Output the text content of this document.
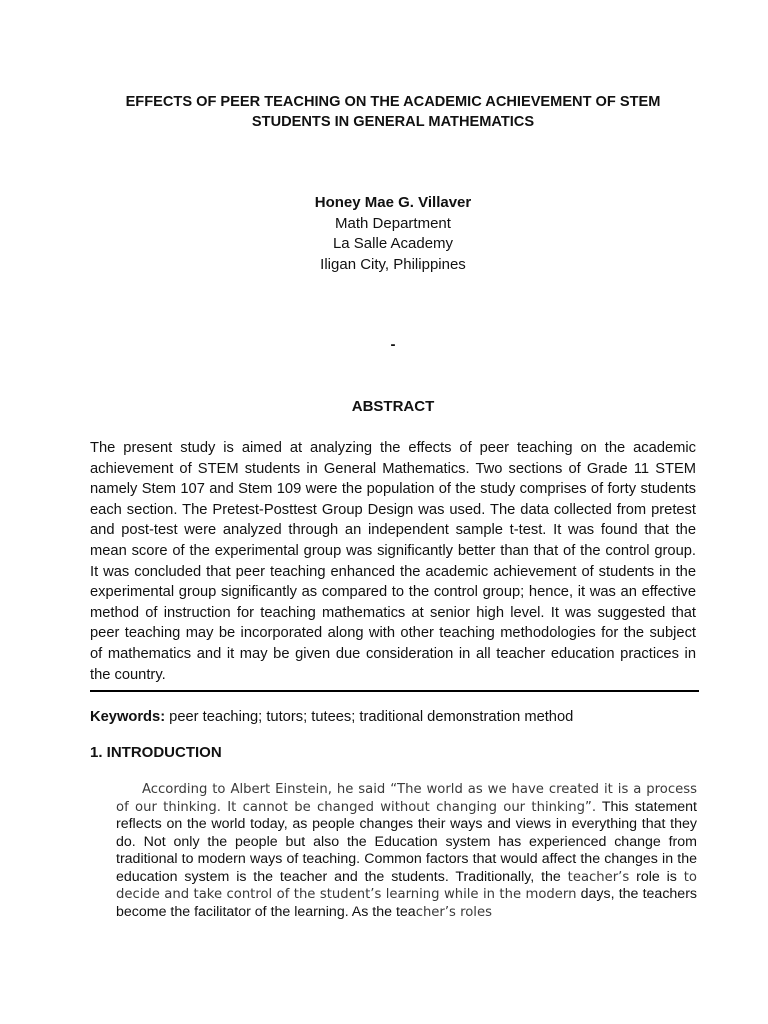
EFFECTS OF PEER TEACHING ON THE ACADEMIC ACHIEVEMENT OF STEM
STUDENTS IN GENERAL MATHEMATICS
Honey Mae G. Villaver
Math Department
La Salle Academy
Iligan City, Philippines
-
ABSTRACT

The present study is aimed at analyzing the effects of peer teaching on the academic achievement of STEM students in General Mathematics. Two sections of Grade 11 STEM namely Stem 107 and Stem 109 were the population of the study comprises of forty students each section. The Pretest-Posttest Group Design was used. The data collected from pretest and post-test were analyzed through an independent sample t-test. It was found that the mean score of the experimental group was significantly better than that of the control group. It was concluded that peer teaching enhanced the academic achievement of students in the experimental group significantly as compared to the control group; hence, it was an effective method of instruction for teaching mathematics at senior high level. It was suggested that peer teaching may be incorporated along with other teaching methodologies for the subject of mathematics and it may be given due consideration in all teacher education practices in the country.

Keywords: peer teaching; tutors; tutees; traditional demonstration method

1. INTRODUCTION

According to Albert Einstein, he said “The world as we have created it is a process of our thinking. It cannot be changed without changing our thinking”. This statement reflects on the world today, as people changes their ways and views in everything that they do. Not only the people but also the Education system has experienced change from traditional to modern ways of teaching. Common factors that would affect the changes in the education system is the teacher and the students. Traditionally, the teacher’s role is to decide and take control of the student’s learning while in the modern days, the teachers become the facilitator of the learning. As the teacher’s roles
